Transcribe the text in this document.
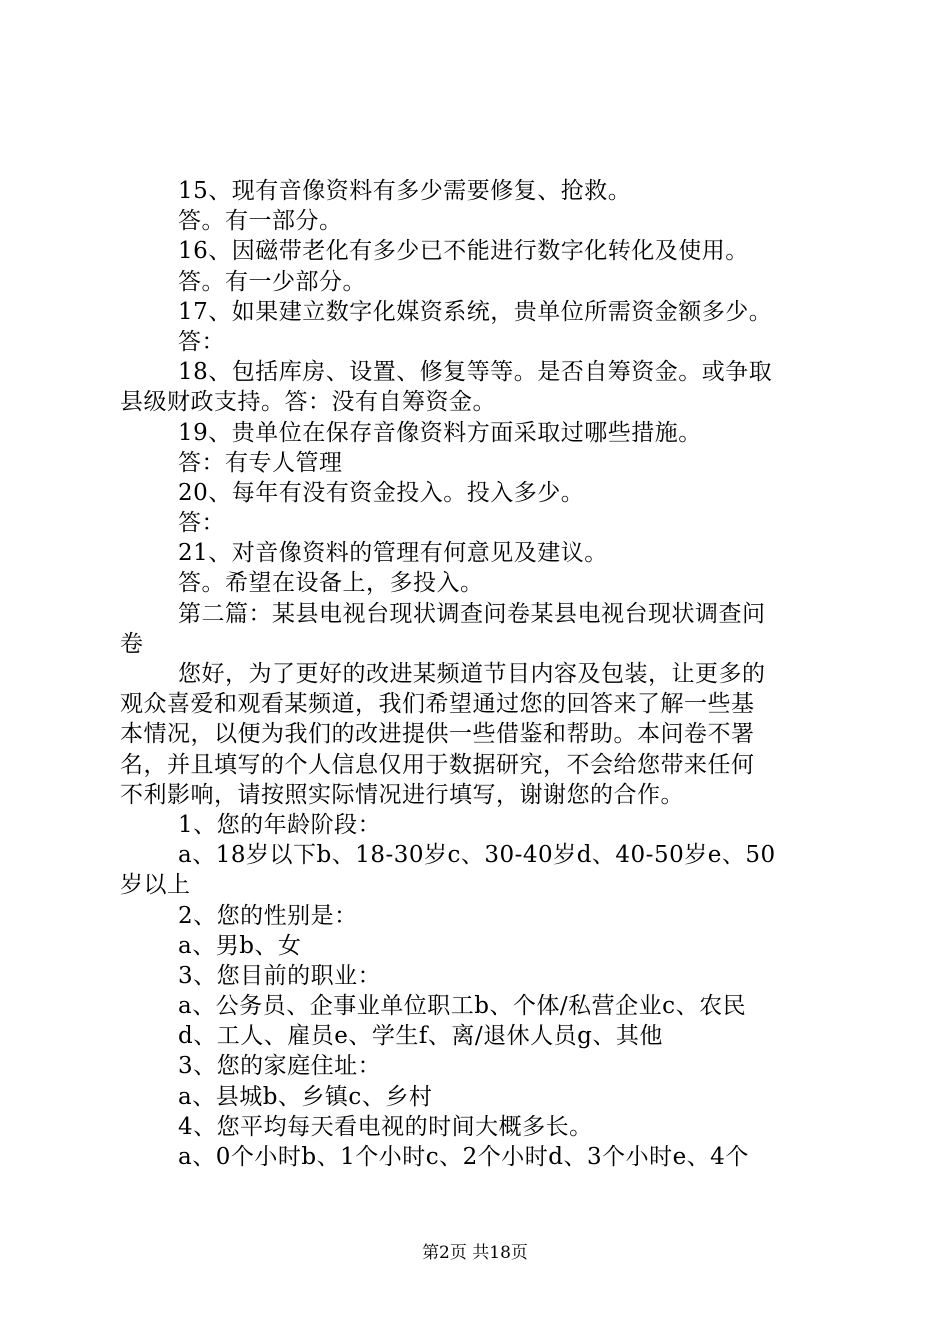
15、现有音像资料有多少需要修复、抢救。
答。有一部分。
16、因磁带老化有多少已不能进行数字化转化及使用。
答。有一少部分。
17、如果建立数字化媒资系统，贵单位所需资金额多少。
答：
18、包括库房、设置、修复等等。是否自筹资金。或争取
县级财政支持。答：没有自筹资金。
19、贵单位在保存音像资料方面采取过哪些措施。
答：有专人管理
20、每年有没有资金投入。投入多少。
答：
21、对音像资料的管理有何意见及建议。
答。希望在设备上，多投入。
第二篇：某县电视台现状调查问卷某县电视台现状调查问
卷
您好，为了更好的改进某频道节目内容及包装，让更多的
观众喜爱和观看某频道，我们希望通过您的回答来了解一些基
本情况，以便为我们的改进提供一些借鉴和帮助。本问卷不署
名，并且填写的个人信息仅用于数据研究，不会给您带来任何
不利影响，请按照实际情况进行填写，谢谢您的合作。
1、您的年龄阶段：
a、18岁以下b、18-30岁c、30-40岁d、40-50岁e、50
岁以上
2、您的性别是：
a、男b、女
3、您目前的职业：
a、公务员、企事业单位职工b、个体/私营企业c、农民
d、工人、雇员e、学生f、离/退休人员g、其他
3、您的家庭住址：
a、县城b、乡镇c、乡村
4、您平均每天看电视的时间大概多长。
a、0个小时b、1个小时c、2个小时d、3个小时e、4个
第2页 共18页
